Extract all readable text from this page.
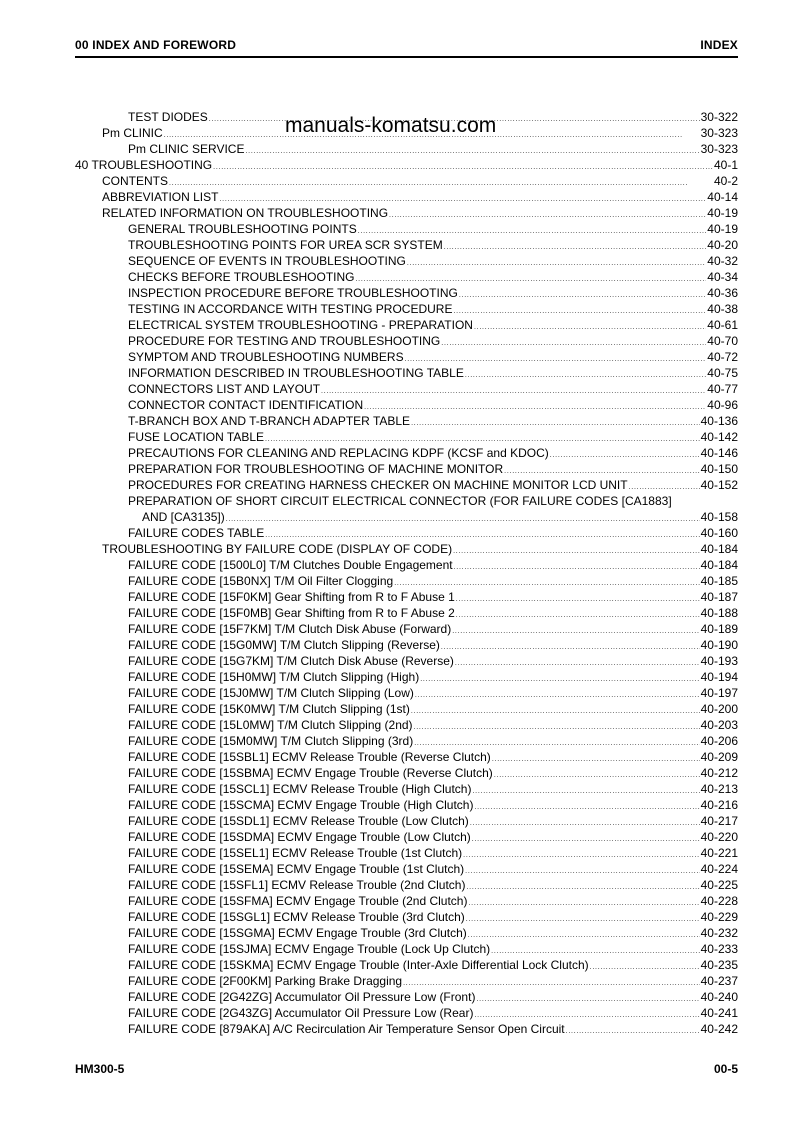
00 INDEX AND FOREWORD	INDEX
manuals-komatsu.com
TEST DIODES . . .	30-322
Pm CLINIC . . .	30-323
Pm CLINIC SERVICE . . .	30-323
40 TROUBLESHOOTING . . .	40-1
CONTENTS . . .	40-2
ABBREVIATION LIST . . .	40-14
RELATED INFORMATION ON TROUBLESHOOTING . . .	40-19
GENERAL TROUBLESHOOTING POINTS . . .	40-19
TROUBLESHOOTING POINTS FOR UREA SCR SYSTEM . . .	40-20
SEQUENCE OF EVENTS IN TROUBLESHOOTING . . .	40-32
CHECKS BEFORE TROUBLESHOOTING . . .	40-34
INSPECTION PROCEDURE BEFORE TROUBLESHOOTING . . .	40-36
TESTING IN ACCORDANCE WITH TESTING PROCEDURE . . .	40-38
ELECTRICAL SYSTEM TROUBLESHOOTING - PREPARATION . . .	40-61
PROCEDURE FOR TESTING AND TROUBLESHOOTING . . .	40-70
SYMPTOM AND TROUBLESHOOTING NUMBERS . . .	40-72
INFORMATION DESCRIBED IN TROUBLESHOOTING TABLE . . .	40-75
CONNECTORS LIST AND LAYOUT . . .	40-77
CONNECTOR CONTACT IDENTIFICATION . . .	40-96
T-BRANCH BOX AND T-BRANCH ADAPTER TABLE . . .	40-136
FUSE LOCATION TABLE . . .	40-142
PRECAUTIONS FOR CLEANING AND REPLACING KDPF (KCSF and KDOC) . . .	40-146
PREPARATION FOR TROUBLESHOOTING OF MACHINE MONITOR . . .	40-150
PROCEDURES FOR CREATING HARNESS CHECKER ON MACHINE MONITOR LCD UNIT . . .	40-152
PREPARATION OF SHORT CIRCUIT ELECTRICAL CONNECTOR (FOR FAILURE CODES [CA1883]
AND [CA3135]) . . .	40-158
FAILURE CODES TABLE . . .	40-160
TROUBLESHOOTING BY FAILURE CODE (DISPLAY OF CODE) . . .	40-184
FAILURE CODE [1500L0] T/M Clutches Double Engagement . . .	40-184
FAILURE CODE [15B0NX] T/M Oil Filter Clogging . . .	40-185
FAILURE CODE [15F0KM] Gear Shifting from R to F Abuse 1 . . .	40-187
FAILURE CODE [15F0MB] Gear Shifting from R to F Abuse 2 . . .	40-188
FAILURE CODE [15F7KM] T/M Clutch Disk Abuse (Forward) . . .	40-189
FAILURE CODE [15G0MW] T/M Clutch Slipping (Reverse) . . .	40-190
FAILURE CODE [15G7KM] T/M Clutch Disk Abuse (Reverse) . . .	40-193
FAILURE CODE [15H0MW] T/M Clutch Slipping (High) . . .	40-194
FAILURE CODE [15J0MW] T/M Clutch Slipping (Low) . . .	40-197
FAILURE CODE [15K0MW] T/M Clutch Slipping (1st) . . .	40-200
FAILURE CODE [15L0MW] T/M Clutch Slipping (2nd) . . .	40-203
FAILURE CODE [15M0MW] T/M Clutch Slipping (3rd) . . .	40-206
FAILURE CODE [15SBL1] ECMV Release Trouble (Reverse Clutch) . . .	40-209
FAILURE CODE [15SBMA] ECMV Engage Trouble (Reverse Clutch) . . .	40-212
FAILURE CODE [15SCL1] ECMV Release Trouble (High Clutch) . . .	40-213
FAILURE CODE [15SCMA] ECMV Engage Trouble (High Clutch) . . .	40-216
FAILURE CODE [15SDL1] ECMV Release Trouble (Low Clutch) . . .	40-217
FAILURE CODE [15SDMA] ECMV Engage Trouble (Low Clutch) . . .	40-220
FAILURE CODE [15SEL1] ECMV Release Trouble (1st Clutch) . . .	40-221
FAILURE CODE [15SEMA] ECMV Engage Trouble (1st Clutch) . . .	40-224
FAILURE CODE [15SFL1] ECMV Release Trouble (2nd Clutch) . . .	40-225
FAILURE CODE [15SFMA] ECMV Engage Trouble (2nd Clutch) . . .	40-228
FAILURE CODE [15SGL1] ECMV Release Trouble (3rd Clutch) . . .	40-229
FAILURE CODE [15SGMA] ECMV Engage Trouble (3rd Clutch) . . .	40-232
FAILURE CODE [15SJMA] ECMV Engage Trouble (Lock Up Clutch) . . .	40-233
FAILURE CODE [15SKMA] ECMV Engage Trouble (Inter-Axle Differential Lock Clutch) . . .	40-235
FAILURE CODE [2F00KM] Parking Brake Dragging . . .	40-237
FAILURE CODE [2G42ZG] Accumulator Oil Pressure Low (Front) . . .	40-240
FAILURE CODE [2G43ZG] Accumulator Oil Pressure Low (Rear) . . .	40-241
FAILURE CODE [879AKA] A/C Recirculation Air Temperature Sensor Open Circuit . . .	40-242
HM300-5	00-5
